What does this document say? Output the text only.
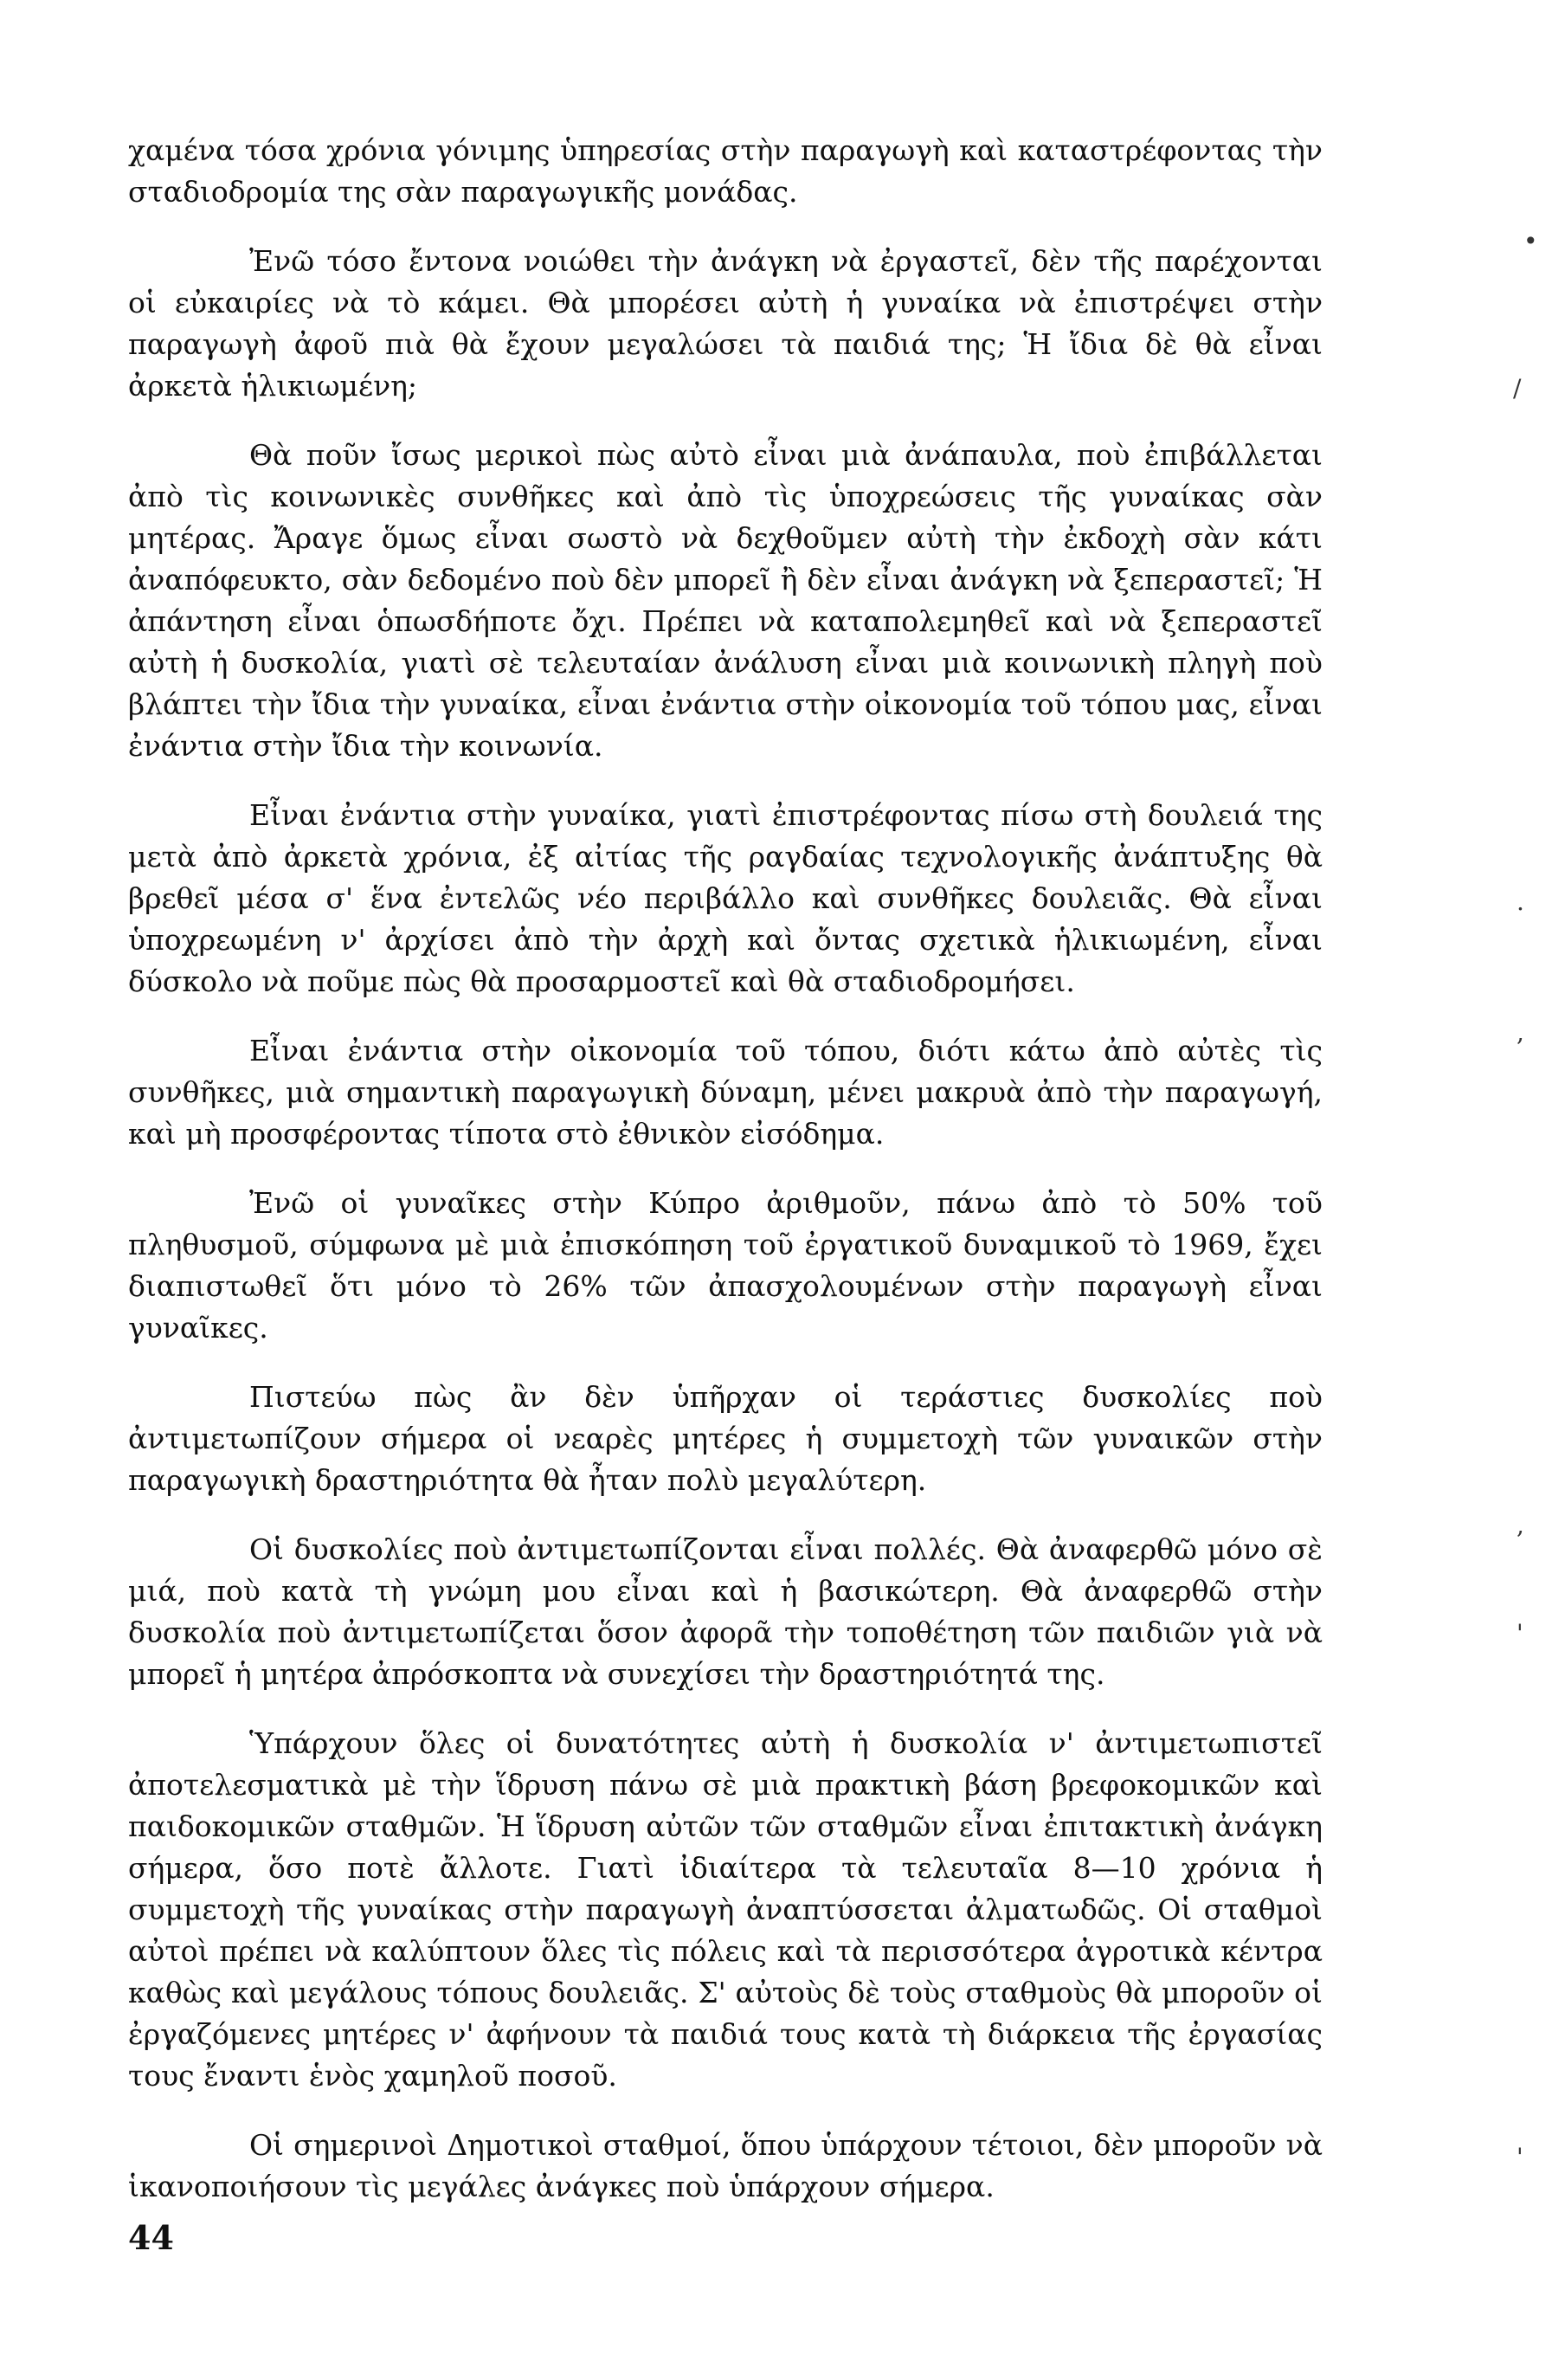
χαμένα τόσα χρόνια γόνιμης ὑπηρεσίας στὴν παραγωγὴ καὶ καταστρέφοντας τὴν σταδιοδρομία της σὰν παραγωγικῆς μονάδας.

Ἐνῶ τόσο ἔντονα νοιώθει τὴν ἀνάγκη νὰ ἐργαστεῖ, δὲν τῆς παρέχονται οἱ εὐκαιρίες νὰ τὸ κάμει. Θὰ μπορέσει αὐτὴ ἡ γυναίκα νὰ ἐπιστρέψει στὴν παραγωγὴ ἀφοῦ πιὰ θὰ ἔχουν μεγαλώσει τὰ παιδιά της; Ἡ ἴδια δὲ θὰ εἶναι ἀρκετὰ ἡλικιωμένη;

Θὰ ποῦν ἴσως μερικοὶ πὼς αὐτὸ εἶναι μιὰ ἀνάπαυλα, ποὺ ἐπιβάλλεται ἀπὸ τὶς κοινωνικὲς συνθῆκες καὶ ἀπὸ τὶς ὑποχρεώσεις τῆς γυναίκας σὰν μητέρας. Ἄραγε ὅμως εἶναι σωστὸ νὰ δεχθοῦμεν αὐτὴ τὴν ἐκδοχὴ σὰν κάτι ἀναπόφευκτο, σὰν δεδομένο ποὺ δὲν μπορεῖ ἢ δὲν εἶναι ἀνάγκη νὰ ξεπεραστεῖ; Ἡ ἀπάντηση εἶναι ὁπωσδήποτε ὄχι. Πρέπει νὰ καταπολεμηθεῖ καὶ νὰ ξεπεραστεῖ αὐτὴ ἡ δυσκολία, γιατὶ σὲ τελευταίαν ἀνάλυση εἶναι μιὰ κοινωνικὴ πληγὴ ποὺ βλάπτει τὴν ἴδια τὴν γυναίκα, εἶναι ἐνάντια στὴν οἰκονομία τοῦ τόπου μας, εἶναι ἐνάντια στὴν ἴδια τὴν κοινωνία.

Εἶναι ἐνάντια στὴν γυναίκα, γιατὶ ἐπιστρέφοντας πίσω στὴ δουλειά της μετὰ ἀπὸ ἀρκετὰ χρόνια, ἐξ αἰτίας τῆς ραγδαίας τεχνολογικῆς ἀνάπτυξης θὰ βρεθεῖ μέσα σ' ἕνα ἐντελῶς νέο περιβάλλο καὶ συνθῆκες δουλειᾶς. Θὰ εἶναι ὑποχρεωμένη ν' ἀρχίσει ἀπὸ τὴν ἀρχὴ καὶ ὄντας σχετικὰ ἡλικιωμένη, εἶναι δύσκολο νὰ ποῦμε πὼς θὰ προσαρμοστεῖ καὶ θὰ σταδιοδρομήσει.

Εἶναι ἐνάντια στὴν οἰκονομία τοῦ τόπου, διότι κάτω ἀπὸ αὐτὲς τὶς συνθῆκες, μιὰ σημαντικὴ παραγωγικὴ δύναμη, μένει μακρυὰ ἀπὸ τὴν παραγωγή, καὶ μὴ προσφέροντας τίποτα στὸ ἐθνικὸν εἰσόδημα.

Ἐνῶ οἱ γυναῖκες στὴν Κύπρο ἀριθμοῦν, πάνω ἀπὸ τὸ 50% τοῦ πληθυσμοῦ, σύμφωνα μὲ μιὰ ἐπισκόπηση τοῦ ἐργατικοῦ δυναμικοῦ τὸ 1969, ἔχει διαπιστωθεῖ ὅτι μόνο τὸ 26% τῶν ἀπασχολουμένων στὴν παραγωγὴ εἶναι γυναῖκες.

Πιστεύω πὼς ἂν δὲν ὑπῆρχαν οἱ τεράστιες δυσκολίες ποὺ ἀντιμετωπίζουν σήμερα οἱ νεαρὲς μητέρες ἡ συμμετοχὴ τῶν γυναικῶν στὴν παραγωγικὴ δραστηριότητα θὰ ἦταν πολὺ μεγαλύτερη.

Οἱ δυσκολίες ποὺ ἀντιμετωπίζονται εἶναι πολλές. Θὰ ἀναφερθῶ μόνο σὲ μιά, ποὺ κατὰ τὴ γνώμη μου εἶναι καὶ ἡ βασικώτερη. Θὰ ἀναφερθῶ στὴν δυσκολία ποὺ ἀντιμετωπίζεται ὅσον ἀφορᾶ τὴν τοποθέτηση τῶν παιδιῶν γιὰ νὰ μπορεῖ ἡ μητέρα ἀπρόσκοπτα νὰ συνεχίσει τὴν δραστηριότητά της.

Ὑπάρχουν ὅλες οἱ δυνατότητες αὐτὴ ἡ δυσκολία ν' ἀντιμετωπιστεῖ ἀποτελεσματικὰ μὲ τὴν ἵδρυση πάνω σὲ μιὰ πρακτικὴ βάση βρεφοκομικῶν καὶ παιδοκομικῶν σταθμῶν. Ἡ ἵδρυση αὐτῶν τῶν σταθμῶν εἶναι ἐπιτακτικὴ ἀνάγκη σήμερα, ὅσο ποτὲ ἄλλοτε. Γιατὶ ἰδιαίτερα τὰ τελευταῖα 8—10 χρόνια ἡ συμμετοχὴ τῆς γυναίκας στὴν παραγωγὴ ἀναπτύσσεται ἀλματωδῶς. Οἱ σταθμοὶ αὐτοὶ πρέπει νὰ καλύπτουν ὅλες τὶς πόλεις καὶ τὰ περισσότερα ἀγροτικὰ κέντρα καθὼς καὶ μεγάλους τόπους δουλειᾶς. Σ' αὐτοὺς δὲ τοὺς σταθμοὺς θὰ μποροῦν οἱ ἐργαζόμενες μητέρες ν' ἀφήνουν τὰ παιδιά τους κατὰ τὴ διάρκεια τῆς ἐργασίας τους ἔναντι ἑνὸς χαμηλοῦ ποσοῦ.

Οἱ σημερινοὶ Δημοτικοὶ σταθμοί, ὅπου ὑπάρχουν τέτοιοι, δὲν μποροῦν νὰ ἱκανοποιήσουν τὶς μεγάλες ἀνάγκες ποὺ ὑπάρχουν σήμερα.

44
•
/
.
,
,
'
'
